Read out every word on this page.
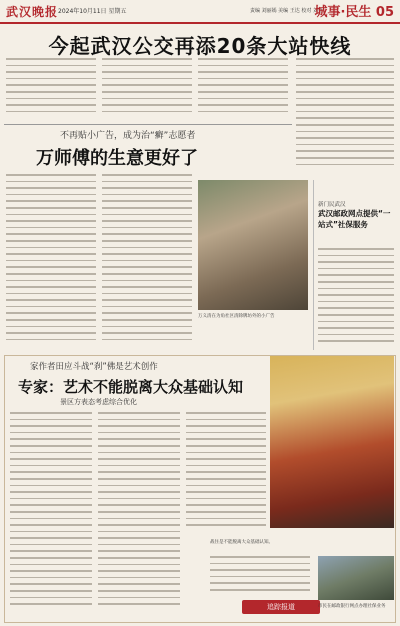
武汉晚报 2024年10月11日 星期五	责编 刘丽嫣 美编 王达 校对 刘艳
城事·民生 05
今起武汉公交再添20条大站快线
不再贴小广告，成为治“癣”志愿者
万师傅的生意更好了
万义清在为角社区清除牌坊外的小广告
新门民武汉
武汉邮政网点提供“一站式”社保服务
家作者田应斗战“刹”佛是艺术创作
专家：艺术不能脱离大众基础认知
景区方表态考虑综合优化
战住是不能脱离大众基础认知。
追踪报道	市民在邮政银行网点办理社保业务
